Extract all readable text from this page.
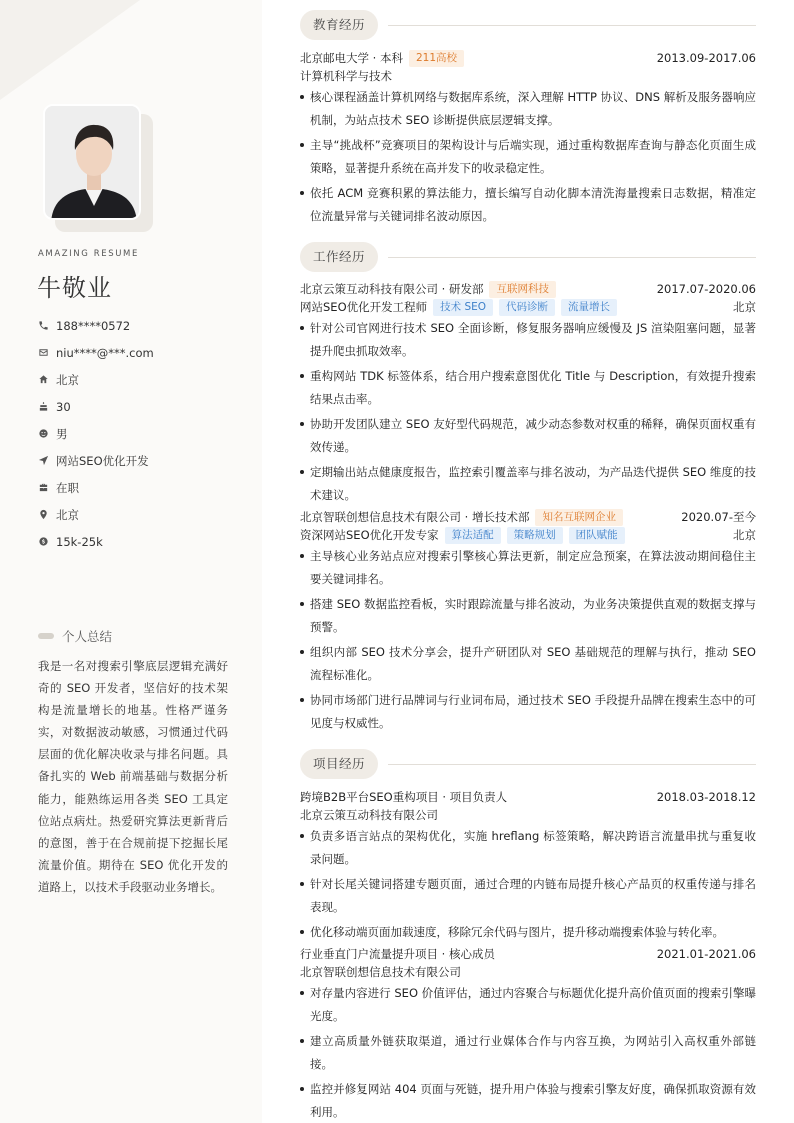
AMAZING RESUME
牛敬业
188****0572
niu****@***.com
北京
30
男
网站SEO优化开发
在职
北京
15k-25k
个人总结
我是一名对搜索引擎底层逻辑充满好奇的 SEO 开发者，坚信好的技术架构是流量增长的地基。性格严谨务实，对数据波动敏感，习惯通过代码层面的优化解决收录与排名问题。具备扎实的 Web 前端基础与数据分析能力，能熟练运用各类 SEO 工具定位站点病灶。热爱研究算法更新背后的意图，善于在合规前提下挖掘长尾流量价值。期待在 SEO 优化开发的道路上，以技术手段驱动业务增长。
教育经历
北京邮电大学 · 本科	211高校	2013.09-2017.06
计算机科学与技术
核心课程涵盖计算机网络与数据库系统，深入理解 HTTP 协议、DNS 解析及服务器响应机制，为站点技术 SEO 诊断提供底层逻辑支撑。
主导“挑战杯”竞赛项目的架构设计与后端实现，通过重构数据库查询与静态化页面生成策略，显著提升系统在高并发下的收录稳定性。
依托 ACM 竞赛积累的算法能力，擅长编写自动化脚本清洗海量搜索日志数据，精准定位流量异常与关键词排名波动原因。
工作经历
北京云策互动科技有限公司 · 研发部	互联网科技	2017.07-2020.06
网站SEO优化开发工程师	技术 SEO	代码诊断	流量增长	北京
针对公司官网进行技术 SEO 全面诊断，修复服务器响应缓慢及 JS 渲染阻塞问题，显著提升爬虫抓取效率。
重构网站 TDK 标签体系，结合用户搜索意图优化 Title 与 Description，有效提升搜索结果点击率。
协助开发团队建立 SEO 友好型代码规范，减少动态参数对权重的稀释，确保页面权重有效传递。
定期输出站点健康度报告，监控索引覆盖率与排名波动，为产品迭代提供 SEO 维度的技术建议。
北京智联创想信息技术有限公司 · 增长技术部	知名互联网企业	2020.07-至今
资深网站SEO优化开发专家	算法适配	策略规划	团队赋能	北京
主导核心业务站点应对搜索引擎核心算法更新，制定应急预案，在算法波动期间稳住主要关键词排名。
搭建 SEO 数据监控看板，实时跟踪流量与排名波动，为业务决策提供直观的数据支撑与预警。
组织内部 SEO 技术分享会，提升产研团队对 SEO 基础规范的理解与执行，推动 SEO 流程标准化。
协同市场部门进行品牌词与行业词布局，通过技术 SEO 手段提升品牌在搜索生态中的可见度与权威性。
项目经历
跨境B2B平台SEO重构项目 · 项目负责人	2018.03-2018.12
北京云策互动科技有限公司
负责多语言站点的架构优化，实施 hreflang 标签策略，解决跨语言流量串扰与重复收录问题。
针对长尾关键词搭建专题页面，通过合理的内链布局提升核心产品页的权重传递与排名表现。
优化移动端页面加载速度，移除冗余代码与图片，提升移动端搜索体验与转化率。
行业垂直门户流量提升项目 · 核心成员	2021.01-2021.06
北京智联创想信息技术有限公司
对存量内容进行 SEO 价值评估，通过内容聚合与标题优化提升高价值页面的搜索引擎曝光度。
建立高质量外链获取渠道，通过行业媒体合作与内容互换，为网站引入高权重外部链接。
监控并修复网站 404 页面与死链，提升用户体验与搜索引擎友好度，确保抓取资源有效利用。
